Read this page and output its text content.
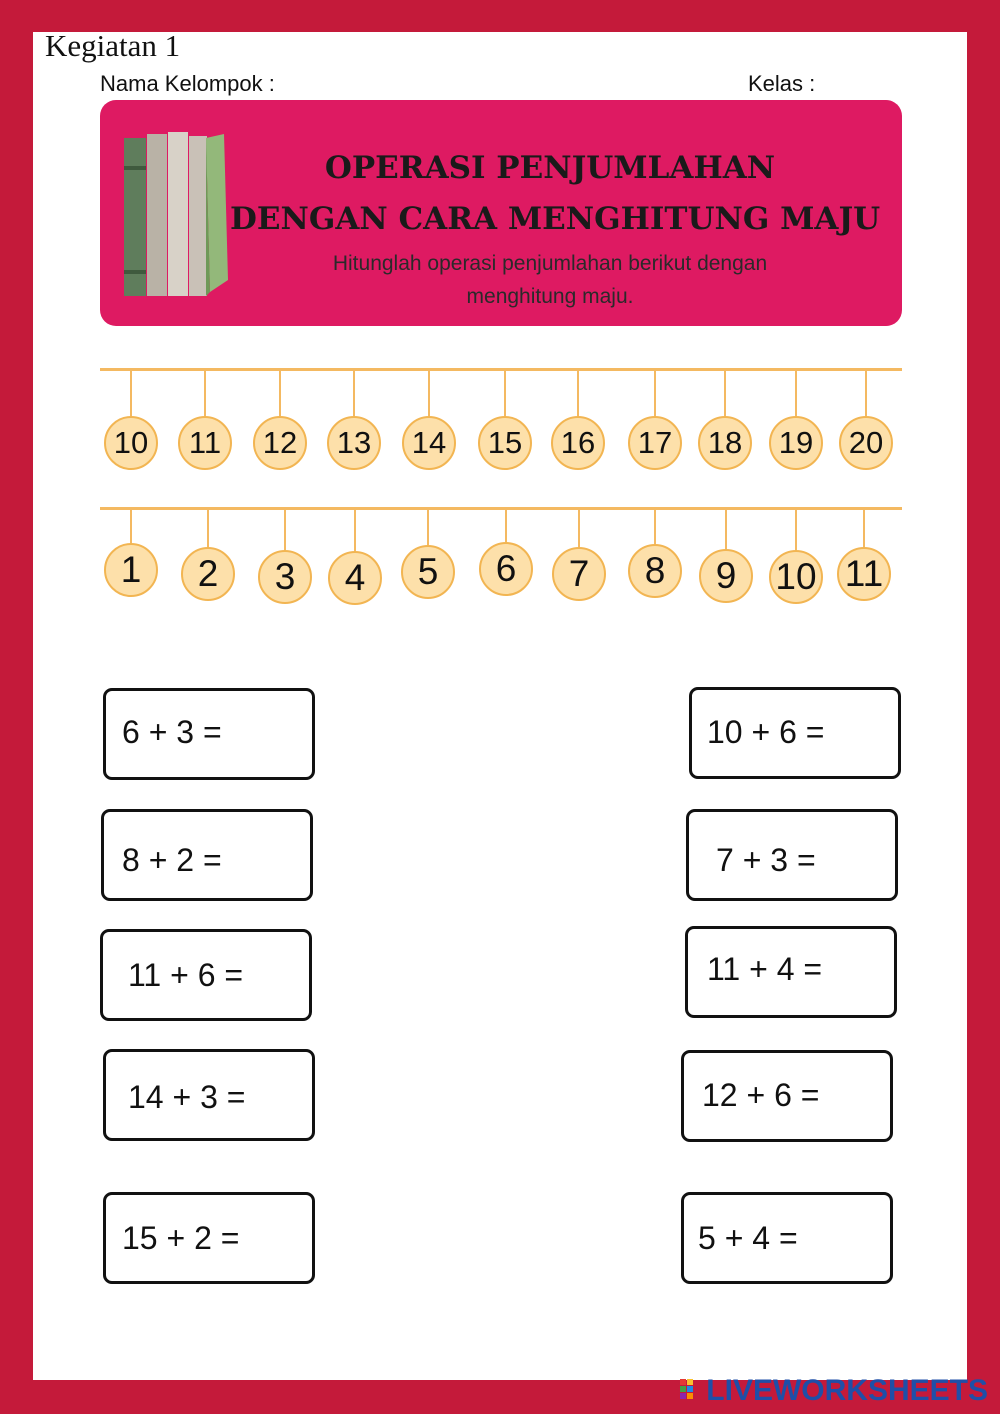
Kegiatan 1
Nama Kelompok :	Kelas :
OPERASI PENJUMLAHAN
DENGAN CARA MENGHITUNG MAJU
Hitunglah operasi penjumlahan berikut dengan
menghitung maju.
10	11	12	13	14	15	16	17	18	19	20
1	2	3	4	5	6	7	8	9	10 11
6 + 3 =
8 + 2 =
11 + 6 =
14 + 3 =
15 + 2 =
10 + 6 =
7 + 3 =
11 + 4 =
12 + 6 =
5 + 4 =
LIVEWORKSHEETS
